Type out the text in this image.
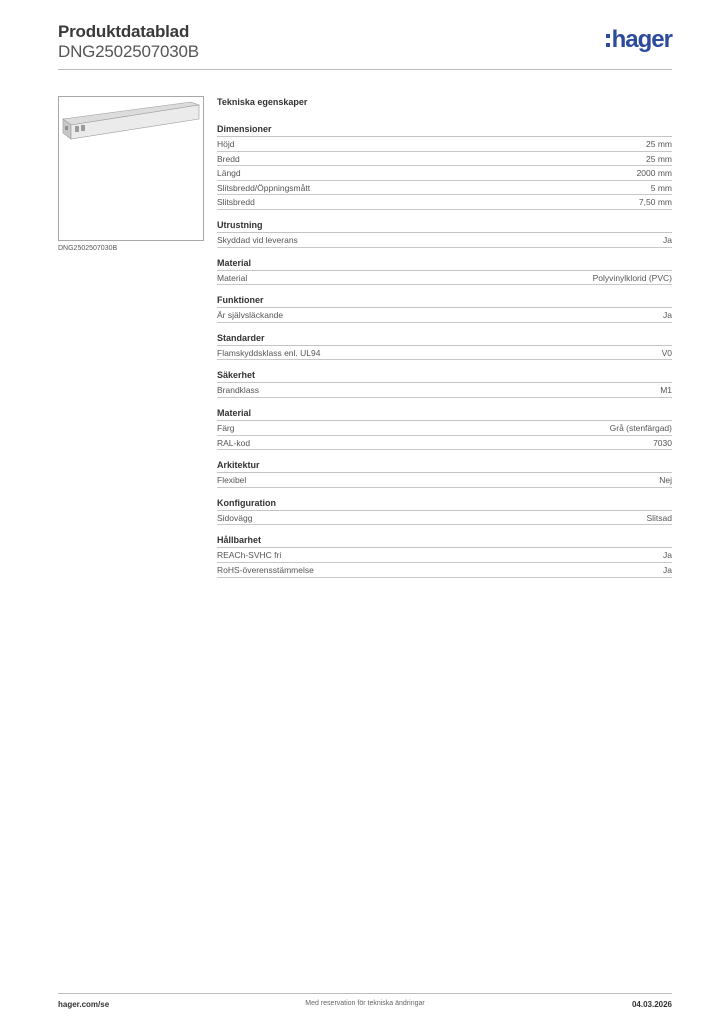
Produktdatablad
DNG2502507030B	hager
DNG2502507030B
Tekniska egenskaper
Dimensioner
Höjd	25 mm
Bredd	25 mm
Längd	2000 mm
Slitsbredd/Öppningsmått	5 mm
Slitsbredd	7,50 mm
Utrustning
Skyddad vid leverans	Ja
Material
Material	Polyvinylklorid (PVC)
Funktioner
Är självsläckande	Ja
Standarder
Flamskyddsklass enl. UL94	V0
Säkerhet
Brandklass	M1
Material
Färg	Grå (stenfärgad)
RAL-kod	7030
Arkitektur
Flexibel	Nej
Konfiguration
Sidovägg	Slitsad
Hållbarhet
REACh-SVHC fri	Ja
RoHS-överensstämmelse	Ja
hager.com/se	Med reservation för tekniska ändringar	04.03.2026
